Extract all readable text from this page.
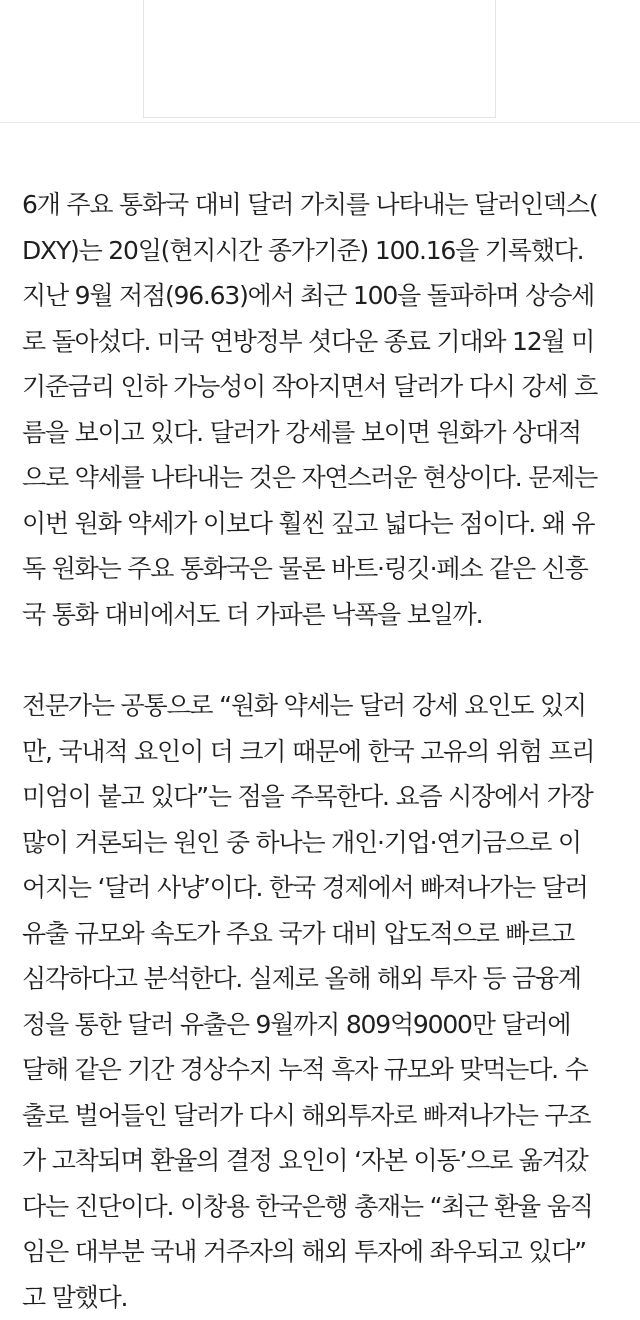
6개 주요 통화국 대비 달러 가치를 나타내는 달러인덱스(
DXY)는 20일(현지시간 종가기준) 100.16을 기록했다.
지난 9월 저점(96.63)에서 최근 100을 돌파하며 상승세
로 돌아섰다. 미국 연방정부 셧다운 종료 기대와 12월 미
기준금리 인하 가능성이 작아지면서 달러가 다시 강세 흐
름을 보이고 있다. 달러가 강세를 보이면 원화가 상대적
으로 약세를 나타내는 것은 자연스러운 현상이다. 문제는
이번 원화 약세가 이보다 훨씬 깊고 넓다는 점이다. 왜 유
독 원화는 주요 통화국은 물론 바트·링깃·페소 같은 신흥
국 통화 대비에서도 더 가파른 낙폭을 보일까.

전문가는 공통으로 “원화 약세는 달러 강세 요인도 있지
만, 국내적 요인이 더 크기 때문에 한국 고유의 위험 프리
미엄이 붙고 있다”는 점을 주목한다. 요즘 시장에서 가장
많이 거론되는 원인 중 하나는 개인·기업·연기금으로 이
어지는 ‘달러 사냥’이다. 한국 경제에서 빠져나가는 달러
유출 규모와 속도가 주요 국가 대비 압도적으로 빠르고
심각하다고 분석한다. 실제로 올해 해외 투자 등 금융계
정을 통한 달러 유출은 9월까지 809억9000만 달러에
달해 같은 기간 경상수지 누적 흑자 규모와 맞먹는다. 수
출로 벌어들인 달러가 다시 해외투자로 빠져나가는 구조
가 고착되며 환율의 결정 요인이 ‘자본 이동’으로 옮겨갔
다는 진단이다. 이창용 한국은행 총재는 “최근 환율 움직
임은 대부분 국내 거주자의 해외 투자에 좌우되고 있다”
고 말했다.
